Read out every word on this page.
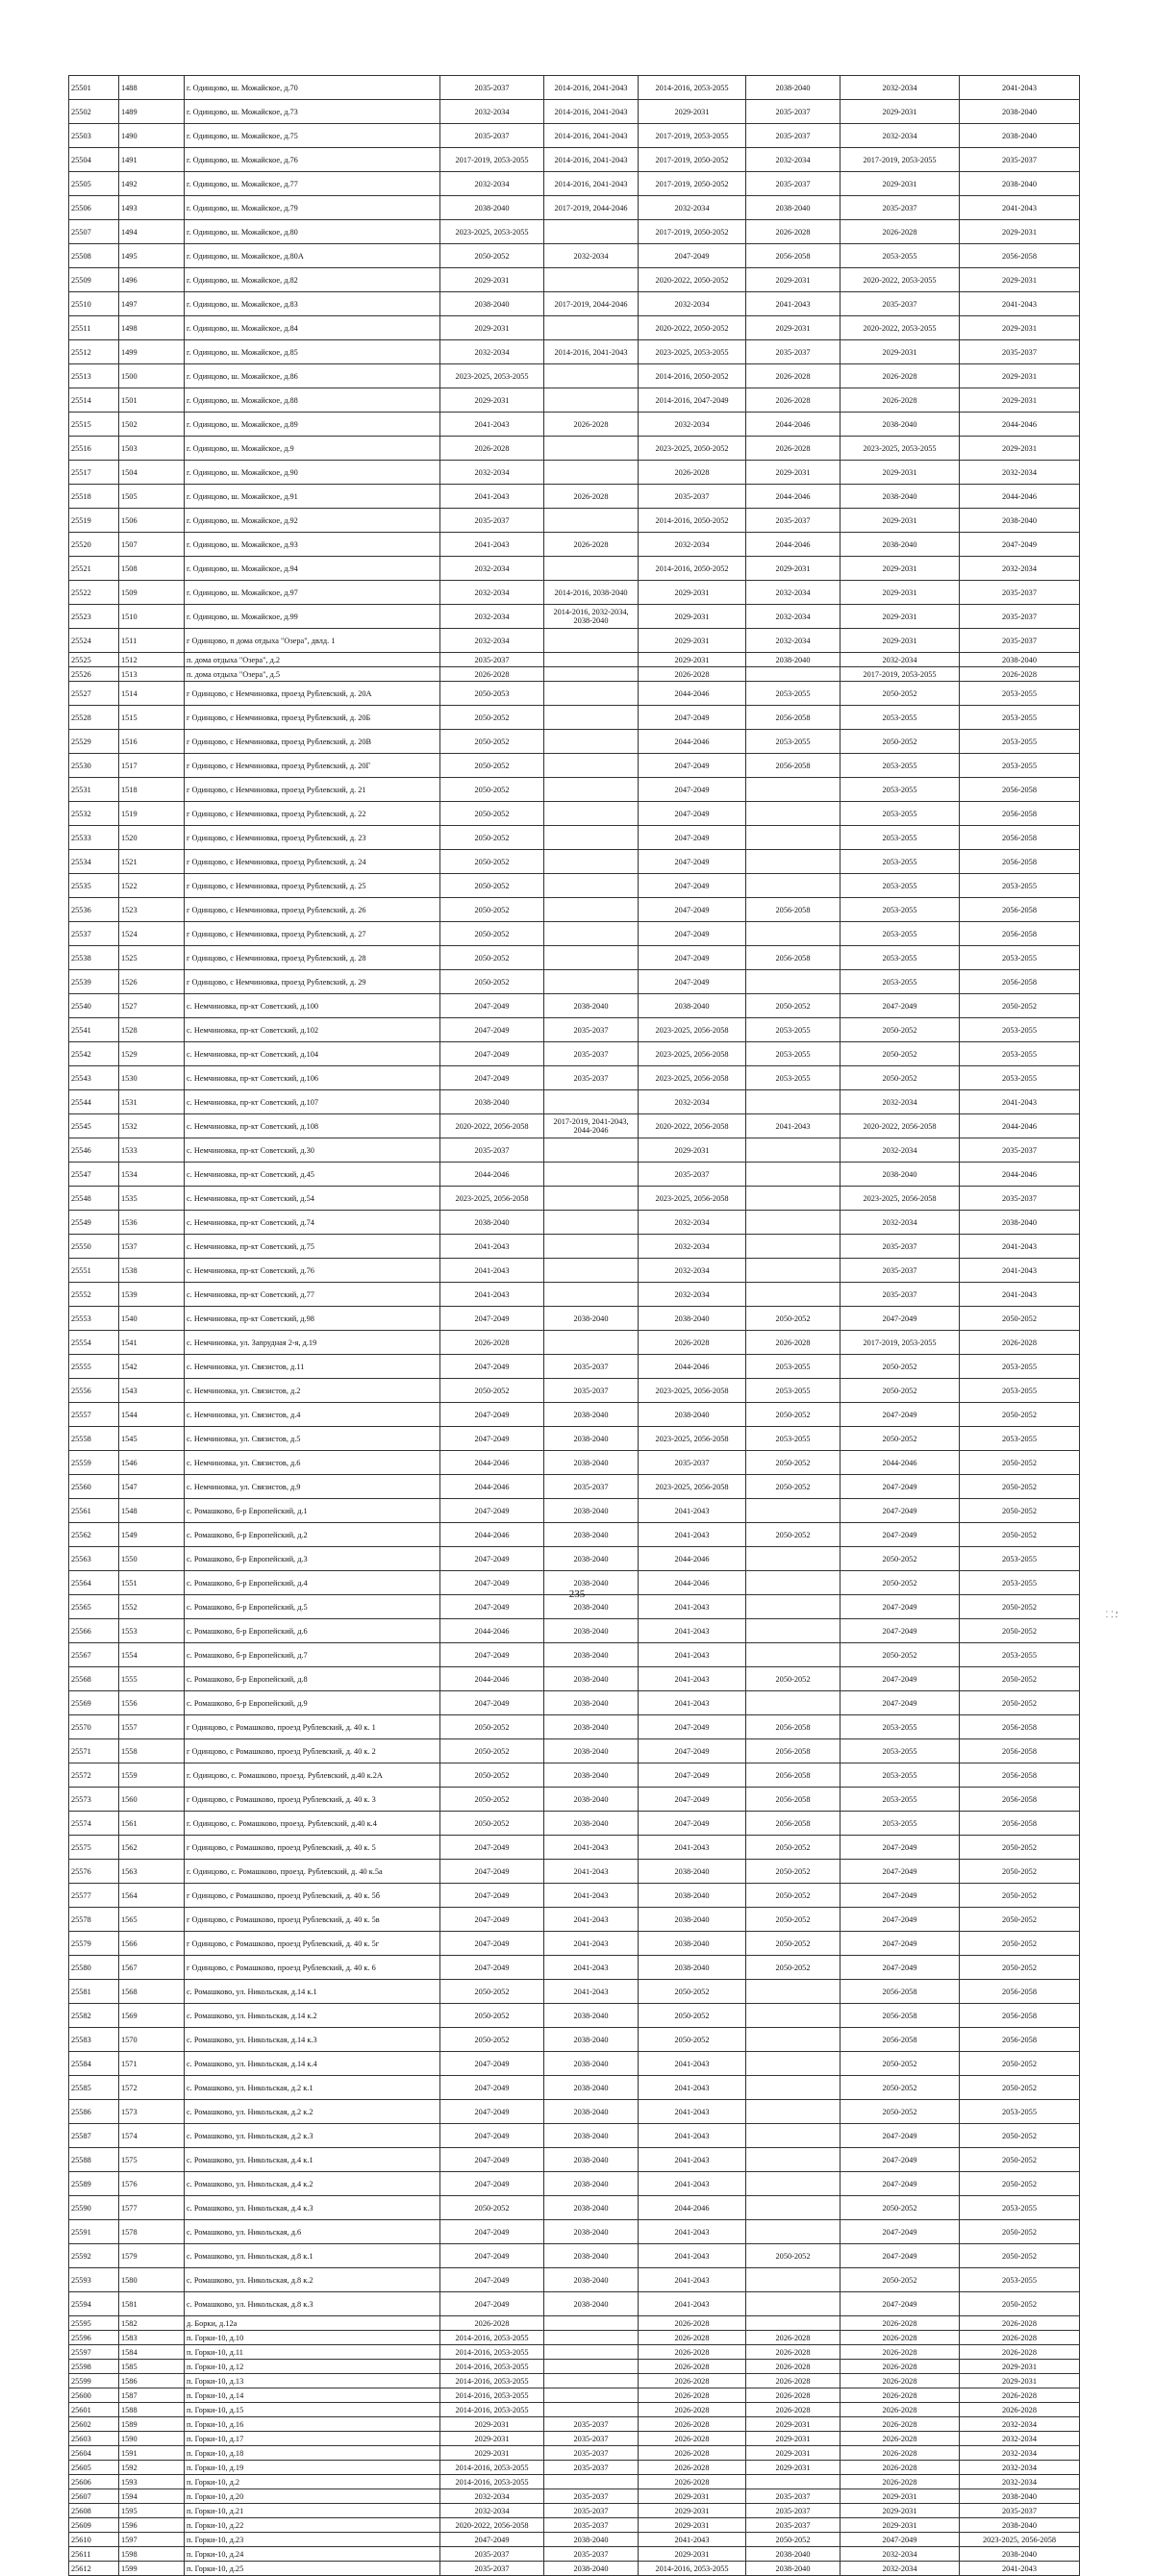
25501	1488	г. Одинцово, ш. Можайское, д.70	2035-2037	2014-2016, 2041-2043	2014-2016, 2053-2055	2038-2040	2032-2034	2041-2043
25502	1489	г. Одинцово, ш. Можайское, д.73	2032-2034	2014-2016, 2041-2043	2029-2031	2035-2037	2029-2031	2038-2040
25503	1490	г. Одинцово, ш. Можайское, д.75	2035-2037	2014-2016, 2041-2043	2017-2019, 2053-2055	2035-2037	2032-2034	2038-2040
25504	1491	г. Одинцово, ш. Можайское, д.76	2017-2019, 2053-2055	2014-2016, 2041-2043	2017-2019, 2050-2052	2032-2034	2017-2019, 2053-2055	2035-2037
25505	1492	г. Одинцово, ш. Можайское, д.77	2032-2034	2014-2016, 2041-2043	2017-2019, 2050-2052	2035-2037	2029-2031	2038-2040
25506	1493	г. Одинцово, ш. Можайское, д.79	2038-2040	2017-2019, 2044-2046	2032-2034	2038-2040	2035-2037	2041-2043
25507	1494	г. Одинцово, ш. Можайское, д.80	2023-2025, 2053-2055		2017-2019, 2050-2052	2026-2028	2026-2028	2029-2031
25508	1495	г. Одинцово, ш. Можайское, д.80А	2050-2052	2032-2034	2047-2049	2056-2058	2053-2055	2056-2058
25509	1496	г. Одинцово, ш. Можайское, д.82	2029-2031		2020-2022, 2050-2052	2029-2031	2020-2022, 2053-2055	2029-2031
25510	1497	г. Одинцово, ш. Можайское, д.83	2038-2040	2017-2019, 2044-2046	2032-2034	2041-2043	2035-2037	2041-2043
25511	1498	г. Одинцово, ш. Можайское, д.84	2029-2031		2020-2022, 2050-2052	2029-2031	2020-2022, 2053-2055	2029-2031
25512	1499	г. Одинцово, ш. Можайское, д.85	2032-2034	2014-2016, 2041-2043	2023-2025, 2053-2055	2035-2037	2029-2031	2035-2037
25513	1500	г. Одинцово, ш. Можайское, д.86	2023-2025, 2053-2055		2014-2016, 2050-2052	2026-2028	2026-2028	2029-2031
25514	1501	г. Одинцово, ш. Можайское, д.88	2029-2031		2014-2016, 2047-2049	2026-2028	2026-2028	2029-2031
25515	1502	г. Одинцово, ш. Можайское, д.89	2041-2043	2026-2028	2032-2034	2044-2046	2038-2040	2044-2046
25516	1503	г. Одинцово, ш. Можайское, д.9	2026-2028		2023-2025, 2050-2052	2026-2028	2023-2025, 2053-2055	2029-2031
25517	1504	г. Одинцово, ш. Можайское, д.90	2032-2034		2026-2028	2029-2031	2029-2031	2032-2034
25518	1505	г. Одинцово, ш. Можайское, д.91	2041-2043	2026-2028	2035-2037	2044-2046	2038-2040	2044-2046
25519	1506	г. Одинцово, ш. Можайское, д.92	2035-2037		2014-2016, 2050-2052	2035-2037	2029-2031	2038-2040
25520	1507	г. Одинцово, ш. Можайское, д.93	2041-2043	2026-2028	2032-2034	2044-2046	2038-2040	2047-2049
25521	1508	г. Одинцово, ш. Можайское, д.94	2032-2034		2014-2016, 2050-2052	2029-2031	2029-2031	2032-2034
25522	1509	г. Одинцово, ш. Можайское, д.97	2032-2034	2014-2016, 2038-2040	2029-2031	2032-2034	2029-2031	2035-2037
25523	1510	г. Одинцово, ш. Можайское, д.99	2032-2034	2014-2016, 2032-2034, 2038-2040	2029-2031	2032-2034	2029-2031	2035-2037
25524	1511	г Одинцово, п дома отдыха "Озера", двлд. 1	2032-2034		2029-2031	2032-2034	2029-2031	2035-2037
25525	1512	п. дома отдыха "Озера", д.2	2035-2037		2029-2031	2038-2040	2032-2034	2038-2040
25526	1513	п. дома отдыха "Озера", д.5	2026-2028		2026-2028		2017-2019, 2053-2055	2026-2028
25527	1514	г Одинцово, с Немчиновка, проезд Рублевский, д. 20А	2050-2053		2044-2046	2053-2055	2050-2052	2053-2055
25528	1515	г Одинцово, с Немчиновка, проезд Рублевский, д. 20Б	2050-2052		2047-2049	2056-2058	2053-2055	2053-2055
25529	1516	г Одинцово, с Немчиновка, проезд Рублевский, д. 20В	2050-2052		2044-2046	2053-2055	2050-2052	2053-2055
25530	1517	г Одинцово, с Немчиновка, проезд Рублевский, д. 20Г	2050-2052		2047-2049	2056-2058	2053-2055	2053-2055
25531	1518	г Одинцово, с Немчиновка, проезд Рублевский, д. 21	2050-2052		2047-2049		2053-2055	2056-2058
25532	1519	г Одинцово, с Немчиновка, проезд Рублевский, д. 22	2050-2052		2047-2049		2053-2055	2056-2058
25533	1520	г Одинцово, с Немчиновка, проезд Рублевский, д. 23	2050-2052		2047-2049		2053-2055	2056-2058
25534	1521	г Одинцово, с Немчиновка, проезд Рублевский, д. 24	2050-2052		2047-2049		2053-2055	2056-2058
25535	1522	г Одинцово, с Немчиновка, проезд Рублевский, д. 25	2050-2052		2047-2049		2053-2055	2053-2055
25536	1523	г Одинцово, с Немчиновка, проезд Рублевский, д. 26	2050-2052		2047-2049	2056-2058	2053-2055	2056-2058
25537	1524	г Одинцово, с Немчиновка, проезд Рублевский, д. 27	2050-2052		2047-2049		2053-2055	2056-2058
25538	1525	г Одинцово, с Немчиновка, проезд Рублевский, д. 28	2050-2052		2047-2049	2056-2058	2053-2055	2053-2055
25539	1526	г Одинцово, с Немчиновка, проезд Рублевский, д. 29	2050-2052		2047-2049		2053-2055	2056-2058
25540	1527	с. Немчиновка, пр-кт Советский, д.100	2047-2049	2038-2040	2038-2040	2050-2052	2047-2049	2050-2052
25541	1528	с. Немчиновка, пр-кт Советский, д.102	2047-2049	2035-2037	2023-2025, 2056-2058	2053-2055	2050-2052	2053-2055
25542	1529	с. Немчиновка, пр-кт Советский, д.104	2047-2049	2035-2037	2023-2025, 2056-2058	2053-2055	2050-2052	2053-2055
25543	1530	с. Немчиновка, пр-кт Советский, д.106	2047-2049	2035-2037	2023-2025, 2056-2058	2053-2055	2050-2052	2053-2055
25544	1531	с. Немчиновка, пр-кт Советский, д.107	2038-2040		2032-2034		2032-2034	2041-2043
25545	1532	с. Немчиновка, пр-кт Советский, д.108	2020-2022, 2056-2058	2017-2019, 2041-2043, 2044-2046	2020-2022, 2056-2058	2041-2043	2020-2022, 2056-2058	2044-2046
25546	1533	с. Немчиновка, пр-кт Советский, д.30	2035-2037		2029-2031		2032-2034	2035-2037
25547	1534	с. Немчиновка, пр-кт Советский, д.45	2044-2046		2035-2037		2038-2040	2044-2046
25548	1535	с. Немчиновка, пр-кт Советский, д.54	2023-2025, 2056-2058		2023-2025, 2056-2058		2023-2025, 2056-2058	2035-2037
25549	1536	с. Немчиновка, пр-кт Советский, д.74	2038-2040		2032-2034		2032-2034	2038-2040
25550	1537	с. Немчиновка, пр-кт Советский, д.75	2041-2043		2032-2034		2035-2037	2041-2043
25551	1538	с. Немчиновка, пр-кт Советский, д.76	2041-2043		2032-2034		2035-2037	2041-2043
25552	1539	с. Немчиновка, пр-кт Советский, д.77	2041-2043		2032-2034		2035-2037	2041-2043
25553	1540	с. Немчиновка, пр-кт Советский, д.98	2047-2049	2038-2040	2038-2040	2050-2052	2047-2049	2050-2052
25554	1541	с. Немчиновка, ул. Запрудная 2-я, д.19	2026-2028		2026-2028	2026-2028	2017-2019, 2053-2055	2026-2028
25555	1542	с. Немчиновка, ул. Связистов, д.11	2047-2049	2035-2037	2044-2046	2053-2055	2050-2052	2053-2055
25556	1543	с. Немчиновка, ул. Связистов, д.2	2050-2052	2035-2037	2023-2025, 2056-2058	2053-2055	2050-2052	2053-2055
25557	1544	с. Немчиновка, ул. Связистов, д.4	2047-2049	2038-2040	2038-2040	2050-2052	2047-2049	2050-2052
25558	1545	с. Немчиновка, ул. Связистов, д.5	2047-2049	2038-2040	2023-2025, 2056-2058	2053-2055	2050-2052	2053-2055
25559	1546	с. Немчиновка, ул. Связистов, д.6	2044-2046	2038-2040	2035-2037	2050-2052	2044-2046	2050-2052
25560	1547	с. Немчиновка, ул. Связистов, д.9	2044-2046	2035-2037	2023-2025, 2056-2058	2050-2052	2047-2049	2050-2052
25561	1548	с. Ромашково, б-р Европейский, д.1	2047-2049	2038-2040	2041-2043		2047-2049	2050-2052
25562	1549	с. Ромашково, б-р Европейский, д.2	2044-2046	2038-2040	2041-2043	2050-2052	2047-2049	2050-2052
25563	1550	с. Ромашково, б-р Европейский, д.3	2047-2049	2038-2040	2044-2046		2050-2052	2053-2055
25564	1551	с. Ромашково, б-р Европейский, д.4	2047-2049	2038-2040	2044-2046		2050-2052	2053-2055
25565	1552	с. Ромашково, б-р Европейский, д.5	2047-2049	2038-2040	2041-2043		2047-2049	2050-2052
25566	1553	с. Ромашково, б-р Европейский, д.6	2044-2046	2038-2040	2041-2043		2047-2049	2050-2052
25567	1554	с. Ромашково, б-р Европейский, д.7	2047-2049	2038-2040	2041-2043		2050-2052	2053-2055
25568	1555	с. Ромашково, б-р Европейский, д.8	2044-2046	2038-2040	2041-2043	2050-2052	2047-2049	2050-2052
25569	1556	с. Ромашково, б-р Европейский, д.9	2047-2049	2038-2040	2041-2043		2047-2049	2050-2052
25570	1557	г Одинцово, с Ромашково, проезд Рублевский, д. 40 к. 1	2050-2052	2038-2040	2047-2049	2056-2058	2053-2055	2056-2058
25571	1558	г Одинцово, с Ромашково, проезд Рублевский, д. 40 к. 2	2050-2052	2038-2040	2047-2049	2056-2058	2053-2055	2056-2058
25572	1559	г. Одинцово, с. Ромашково, проезд. Рублевский, д.40 к.2А	2050-2052	2038-2040	2047-2049	2056-2058	2053-2055	2056-2058
25573	1560	г Одинцово, с Ромашково, проезд Рублевский, д. 40 к. 3	2050-2052	2038-2040	2047-2049	2056-2058	2053-2055	2056-2058
25574	1561	г. Одинцово, с. Ромашково, проезд. Рублевский, д.40 к.4	2050-2052	2038-2040	2047-2049	2056-2058	2053-2055	2056-2058
25575	1562	г Одинцово, с Ромашково, проезд Рублевский, д. 40 к. 5	2047-2049	2041-2043	2041-2043	2050-2052	2047-2049	2050-2052
25576	1563	г. Одинцово, с. Ромашково, проезд. Рублевский, д. 40 к.5а	2047-2049	2041-2043	2038-2040	2050-2052	2047-2049	2050-2052
25577	1564	г Одинцово, с Ромашково, проезд Рублевский, д. 40 к. 5б	2047-2049	2041-2043	2038-2040	2050-2052	2047-2049	2050-2052
25578	1565	г Одинцово, с Ромашково, проезд Рублевский, д. 40 к. 5в	2047-2049	2041-2043	2038-2040	2050-2052	2047-2049	2050-2052
25579	1566	г Одинцово, с Ромашково, проезд Рублевский, д. 40 к. 5г	2047-2049	2041-2043	2038-2040	2050-2052	2047-2049	2050-2052
25580	1567	г Одинцово, с Ромашково, проезд Рублевский, д. 40 к. 6	2047-2049	2041-2043	2038-2040	2050-2052	2047-2049	2050-2052
25581	1568	с. Ромашково, ул. Никольская, д.14 к.1	2050-2052	2041-2043	2050-2052		2056-2058	2056-2058
25582	1569	с. Ромашково, ул. Никольская, д.14 к.2	2050-2052	2038-2040	2050-2052		2056-2058	2056-2058
25583	1570	с. Ромашково, ул. Никольская, д.14 к.3	2050-2052	2038-2040	2050-2052		2056-2058	2056-2058
25584	1571	с. Ромашково, ул. Никольская, д.14 к.4	2047-2049	2038-2040	2041-2043		2050-2052	2050-2052
25585	1572	с. Ромашково, ул. Никольская, д.2 к.1	2047-2049	2038-2040	2041-2043		2050-2052	2050-2052
25586	1573	с. Ромашково, ул. Никольская, д.2 к.2	2047-2049	2038-2040	2041-2043		2050-2052	2053-2055
25587	1574	с. Ромашково, ул. Никольская, д.2 к.3	2047-2049	2038-2040	2041-2043		2047-2049	2050-2052
25588	1575	с. Ромашково, ул. Никольская, д.4 к.1	2047-2049	2038-2040	2041-2043		2047-2049	2050-2052
25589	1576	с. Ромашково, ул. Никольская, д.4 к.2	2047-2049	2038-2040	2041-2043		2047-2049	2050-2052
25590	1577	с. Ромашково, ул. Никольская, д.4 к.3	2050-2052	2038-2040	2044-2046		2050-2052	2053-2055
25591	1578	с. Ромашково, ул. Никольская, д.6	2047-2049	2038-2040	2041-2043		2047-2049	2050-2052
25592	1579	с. Ромашково, ул. Никольская, д.8 к.1	2047-2049	2038-2040	2041-2043	2050-2052	2047-2049	2050-2052
25593	1580	с. Ромашково, ул. Никольская, д.8 к.2	2047-2049	2038-2040	2041-2043		2050-2052	2053-2055
25594	1581	с. Ромашково, ул. Никольская, д.8 к.3	2047-2049	2038-2040	2041-2043		2047-2049	2050-2052
25595	1582	д. Борки, д.12а	2026-2028		2026-2028		2026-2028	2026-2028
25596	1583	п. Горки-10, д.10	2014-2016, 2053-2055		2026-2028	2026-2028	2026-2028	2026-2028
25597	1584	п. Горки-10, д.11	2014-2016, 2053-2055		2026-2028	2026-2028	2026-2028	2026-2028
25598	1585	п. Горки-10, д.12	2014-2016, 2053-2055		2026-2028	2026-2028	2026-2028	2029-2031
25599	1586	п. Горки-10, д.13	2014-2016, 2053-2055		2026-2028	2026-2028	2026-2028	2029-2031
25600	1587	п. Горки-10, д.14	2014-2016, 2053-2055		2026-2028	2026-2028	2026-2028	2026-2028
25601	1588	п. Горки-10, д.15	2014-2016, 2053-2055		2026-2028	2026-2028	2026-2028	2026-2028
25602	1589	п. Горки-10, д.16	2029-2031	2035-2037	2026-2028	2029-2031	2026-2028	2032-2034
25603	1590	п. Горки-10, д.17	2029-2031	2035-2037	2026-2028	2029-2031	2026-2028	2032-2034
25604	1591	п. Горки-10, д.18	2029-2031	2035-2037	2026-2028	2029-2031	2026-2028	2032-2034
25605	1592	п. Горки-10, д.19	2014-2016, 2053-2055	2035-2037	2026-2028	2029-2031	2026-2028	2032-2034
25606	1593	п. Горки-10, д.2	2014-2016, 2053-2055		2026-2028		2026-2028	2032-2034
25607	1594	п. Горки-10, д.20	2032-2034	2035-2037	2029-2031	2035-2037	2029-2031	2038-2040
25608	1595	п. Горки-10, д.21	2032-2034	2035-2037	2029-2031	2035-2037	2029-2031	2035-2037
25609	1596	п. Горки-10, д.22	2020-2022, 2056-2058	2035-2037	2029-2031	2035-2037	2029-2031	2038-2040
25610	1597	п. Горки-10, д.23	2047-2049	2038-2040	2041-2043	2050-2052	2047-2049	2023-2025, 2056-2058
25611	1598	п. Горки-10, д.24	2035-2037	2035-2037	2029-2031	2038-2040	2032-2034	2038-2040
25612	1599	п. Горки-10, д.25	2035-2037	2038-2040	2014-2016, 2053-2055	2038-2040	2032-2034	2041-2043
235
⸬ ⸵
